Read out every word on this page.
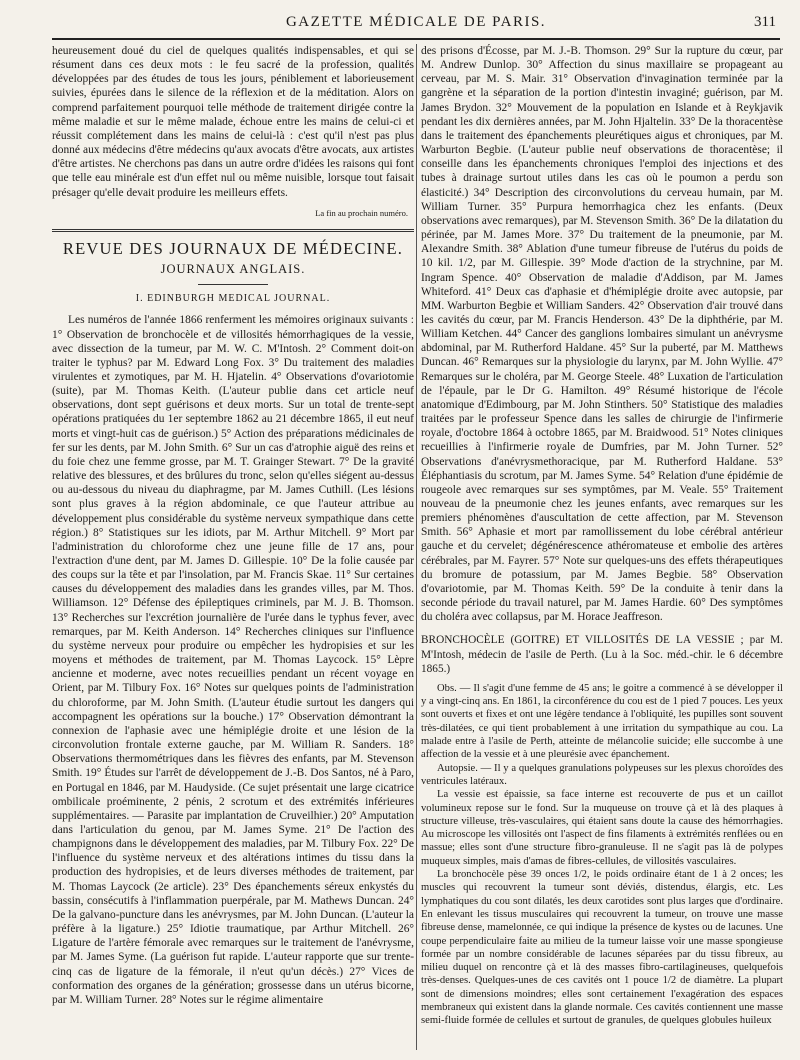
GAZETTE MÉDICALE DE PARIS.	311

heureusement doué du ciel de quelques qualités indispensables, et qui se résument dans ces deux mots : le feu sacré de la profession, qualités développées par des études de tous les jours, péniblement et laborieusement suivies, épurées dans le silence de la réflexion et de la méditation. Alors on comprend parfaitement pourquoi telle méthode de traitement dirigée contre la même maladie et sur le même malade, échoue entre les mains de celui-ci et réussit complétement dans les mains de celui-là : c'est qu'il n'est pas plus donné aux médecins d'être médecins qu'aux avocats d'être avocats, aux artistes d'être artistes. Ne cherchons pas dans un autre ordre d'idées les raisons qui font que telle eau minérale est d'un effet nul ou même nuisible, lorsque tout faisait présager qu'elle devait produire les meilleurs effets.

La fin au prochain numéro.
REVUE DES JOURNAUX DE MÉDECINE.
JOURNAUX ANGLAIS.
I. EDINBURGH MEDICAL JOURNAL.

Les numéros de l'année 1866 renferment les mémoires originaux suivants : 1° Observation de bronchocèle et de villosités hémorrhagiques de la vessie, avec dissection de la tumeur, par M. W. C. M'Intosh. 2° Comment doit-on traiter le typhus? par M. Edward Long Fox. 3° Du traitement des maladies virulentes et zymotiques, par M. H. Hjatelin. 4° Observations d'ovariotomie (suite), par M. Thomas Keith. (L'auteur publie dans cet article neuf observations, dont sept guérisons et deux morts. Sur un total de trente-sept opérations pratiquées du 1er septembre 1862 au 21 décembre 1865, il eut neuf morts et vingt-huit cas de guérison.) 5° Action des préparations médicinales de fer sur les dents, par M. John Smith. 6° Sur un cas d'atrophie aiguë des reins et du foie chez une femme grosse, par M. T. Grainger Stewart. 7° De la gravité relative des blessures, et des brûlures du tronc, selon qu'elles siégent au-dessus ou au-dessous du niveau du diaphragme, par M. James Cuthill. (Les lésions sont plus graves à la région abdominale, ce que l'auteur attribue au développement plus considérable du système nerveux sympathique dans cette région.) 8° Statistiques sur les idiots, par M. Arthur Mitchell. 9° Mort par l'administration du chloroforme chez une jeune fille de 17 ans, pour l'extraction d'une dent, par M. James D. Gillespie. 10° De la folie causée par des coups sur la tête et par l'insolation, par M. Francis Skae. 11° Sur certaines causes du développement des maladies dans les grandes villes, par M. Thos. Williamson. 12° Défense des épileptiques criminels, par M. J. B. Thomson. 13° Recherches sur l'excrétion journalière de l'urée dans le typhus fever, avec remarques, par M. Keith Anderson. 14° Recherches cliniques sur l'influence du système nerveux pour produire ou empêcher les hydropisies et sur les moyens et méthodes de traitement, par M. Thomas Laycock. 15° Lèpre ancienne et moderne, avec notes recueillies pendant un récent voyage en Orient, par M. Tilbury Fox. 16° Notes sur quelques points de l'administration du chloroforme, par M. John Smith. (L'auteur étudie surtout les dangers qui accompagnent les opérations sur la bouche.) 17° Observation démontrant la connexion de l'aphasie avec une hémiplégie droite et une lésion de la circonvolution frontale externe gauche, par M. William R. Sanders. 18° Observations thermométriques dans les fièvres des enfants, par M. Stevenson Smith. 19° Études sur l'arrêt de développement de J.-B. Dos Santos, né à Paro, en Portugal en 1846, par M. Haudyside. (Ce sujet présentait une large cicatrice ombilicale proéminente, 2 pénis, 2 scrotum et des extrémités inférieures supplémentaires. — Parasite par implantation de Cruveilhier.) 20° Amputation dans l'articulation du genou, par M. James Syme. 21° De l'action des champignons dans le développement des maladies, par M. Tilbury Fox. 22° De l'influence du système nerveux et des altérations intimes du tissu dans la production des hydropisies, et de leurs diverses méthodes de traitement, par M. Thomas Laycock (2e article). 23° Des épanchements séreux enkystés du bassin, consécutifs à l'inflammation puerpérale, par M. Mathews Duncan. 24° De la galvano-puncture dans les anévrysmes, par M. John Duncan. (L'auteur la préfère à la ligature.) 25° Idiotie traumatique, par Arthur Mitchell. 26° Ligature de l'artère fémorale avec remarques sur le traitement de l'anévrysme, par M. James Syme. (La guérison fut rapide. L'auteur rapporte que sur trente-cinq cas de ligature de la fémorale, il n'eut qu'un décès.) 27° Vices de conformation des organes de la génération; grossesse dans un utérus bicorne, par M. William Turner. 28° Notes sur le régime alimentaire

des prisons d'Écosse, par M. J.-B. Thomson. 29° Sur la rupture du cœur, par M. Andrew Dunlop. 30° Affection du sinus maxillaire se propageant au cerveau, par M. S. Mair. 31° Observation d'invagination terminée par la gangrène et la séparation de la portion d'intestin invaginé; guérison, par M. James Brydon. 32° Mouvement de la population en Islande et à Reykjavik pendant les dix dernières années, par M. John Hjaltelin. 33° De la thoracentèse dans le traitement des épanchements pleurétiques aigus et chroniques, par M. Warburton Begbie. (L'auteur publie neuf observations de thoracentèse; il conseille dans les épanchements chroniques l'emploi des injections et des tubes à drainage surtout utiles dans les cas où le poumon a perdu son élasticité.) 34° Description des circonvolutions du cerveau humain, par M. William Turner. 35° Purpura hemorrhagica chez les enfants. (Deux observations avec remarques), par M. Stevenson Smith. 36° De la dilatation du périnée, par M. James More. 37° Du traitement de la pneumonie, par M. Alexandre Smith. 38° Ablation d'une tumeur fibreuse de l'utérus du poids de 10 kil. 1/2, par M. Gillespie. 39° Mode d'action de la strychnine, par M. Ingram Spence. 40° Observation de maladie d'Addison, par M. James Whiteford. 41° Deux cas d'aphasie et d'hémiplégie droite avec autopsie, par MM. Warburton Begbie et William Sanders. 42° Observation d'air trouvé dans les cavités du cœur, par M. Francis Henderson. 43° De la diphthérie, par M. William Ketchen. 44° Cancer des ganglions lombaires simulant un anévrysme abdominal, par M. Rutherford Haldane. 45° Sur la puberté, par M. Matthews Duncan. 46° Remarques sur la physiologie du larynx, par M. John Wyllie. 47° Remarques sur le choléra, par M. George Steele. 48° Luxation de l'articulation de l'épaule, par le Dr G. Hamilton. 49° Résumé historique de l'école anatomique d'Edimbourg, par M. John Stinthers. 50° Statistique des maladies traitées par le professeur Spence dans les salles de chirurgie de l'infirmerie royale, d'octobre 1864 à octobre 1865, par M. Braidwood. 51° Notes cliniques recueillies à l'infirmerie royale de Dumfries, par M. John Turner. 52° Observations d'anévrysmethoracique, par M. Rutherford Haldane. 53° Éléphantiasis du scrotum, par M. James Syme. 54° Relation d'une épidémie de rougeole avec remarques sur ses symptômes, par M. Veale. 55° Traitement nouveau de la pneumonie chez les jeunes enfants, avec remarques sur les premiers phénomènes d'auscultation de cette affection, par M. Stevenson Smith. 56° Aphasie et mort par ramollissement du lobe cérébral antérieur gauche et du cervelet; dégénérescence athéromateuse et embolie des artères cérébrales, par M. Fayrer. 57° Note sur quelques-uns des effets thérapeutiques du bromure de potassium, par M. James Begbie. 58° Observation d'ovariotomie, par M. Thomas Keith. 59° De la conduite à tenir dans la seconde période du travail naturel, par M. James Hardie. 60° Des symptômes du choléra avec collapsus, par M. Horace Jeaffreson.

BRONCHOCÈLE (GOITRE) ET VILLOSITÉS DE LA VESSIE ; par M. M'Intosh, médecin de l'asile de Perth. (Lu à la Soc. méd.-chir. le 6 décembre 1865.)

Obs. — Il s'agit d'une femme de 45 ans; le goitre a commencé à se développer il y a vingt-cinq ans. En 1861, la circonférence du cou est de 1 pied 7 pouces. Les yeux sont ouverts et fixes et ont une légère tendance à l'obliquité, les pupilles sont souvent très-dilatées, ce qui tient probablement à une irritation du sympathique au cou. La malade entre à l'asile de Perth, atteinte de mélancolie suicide; elle succombe à une affection de la vessie et à une pleurésie avec épanchement.

Autopsie. — Il y a quelques granulations polypeuses sur les plexus choroïdes des ventricules latéraux.

La vessie est épaissie, sa face interne est recouverte de pus et un caillot volumineux repose sur le fond. Sur la muqueuse on trouve çà et là des plaques à structure villeuse, très-vasculaires, qui étaient sans doute la cause des hémorrhagies. Au microscope les villosités ont l'aspect de fins filaments à extrémités renflées ou en massue; elles sont d'une structure fibro-granuleuse. Il ne s'agit pas là de polypes muqueux simples, mais d'amas de fibres-cellules, de villosités vasculaires.

La bronchocèle pèse 39 onces 1/2, le poids ordinaire étant de 1 à 2 onces; les muscles qui recouvrent la tumeur sont déviés, distendus, élargis, etc. Les lymphatiques du cou sont dilatés, les deux carotides sont plus larges que d'ordinaire. En enlevant les tissus musculaires qui recouvrent la tumeur, on trouve une masse fibreuse dense, mamelonnée, ce qui indique la présence de kystes ou de lacunes. Une coupe perpendiculaire faite au milieu de la tumeur laisse voir une masse spongieuse formée par un nombre considérable de lacunes séparées par du tissu fibreux, au milieu duquel on rencontre çà et là des masses fibro-cartilagineuses, quelquefois très-denses. Quelques-unes de ces cavités ont 1 pouce 1/2 de diamètre. La plupart sont de dimensions moindres; elles sont certainement l'exagération des espaces membraneux qui existent dans la glande normale. Ces cavités contiennent une masse semi-fluide formée de cellules et surtout de granules, de quelques globules huileux
